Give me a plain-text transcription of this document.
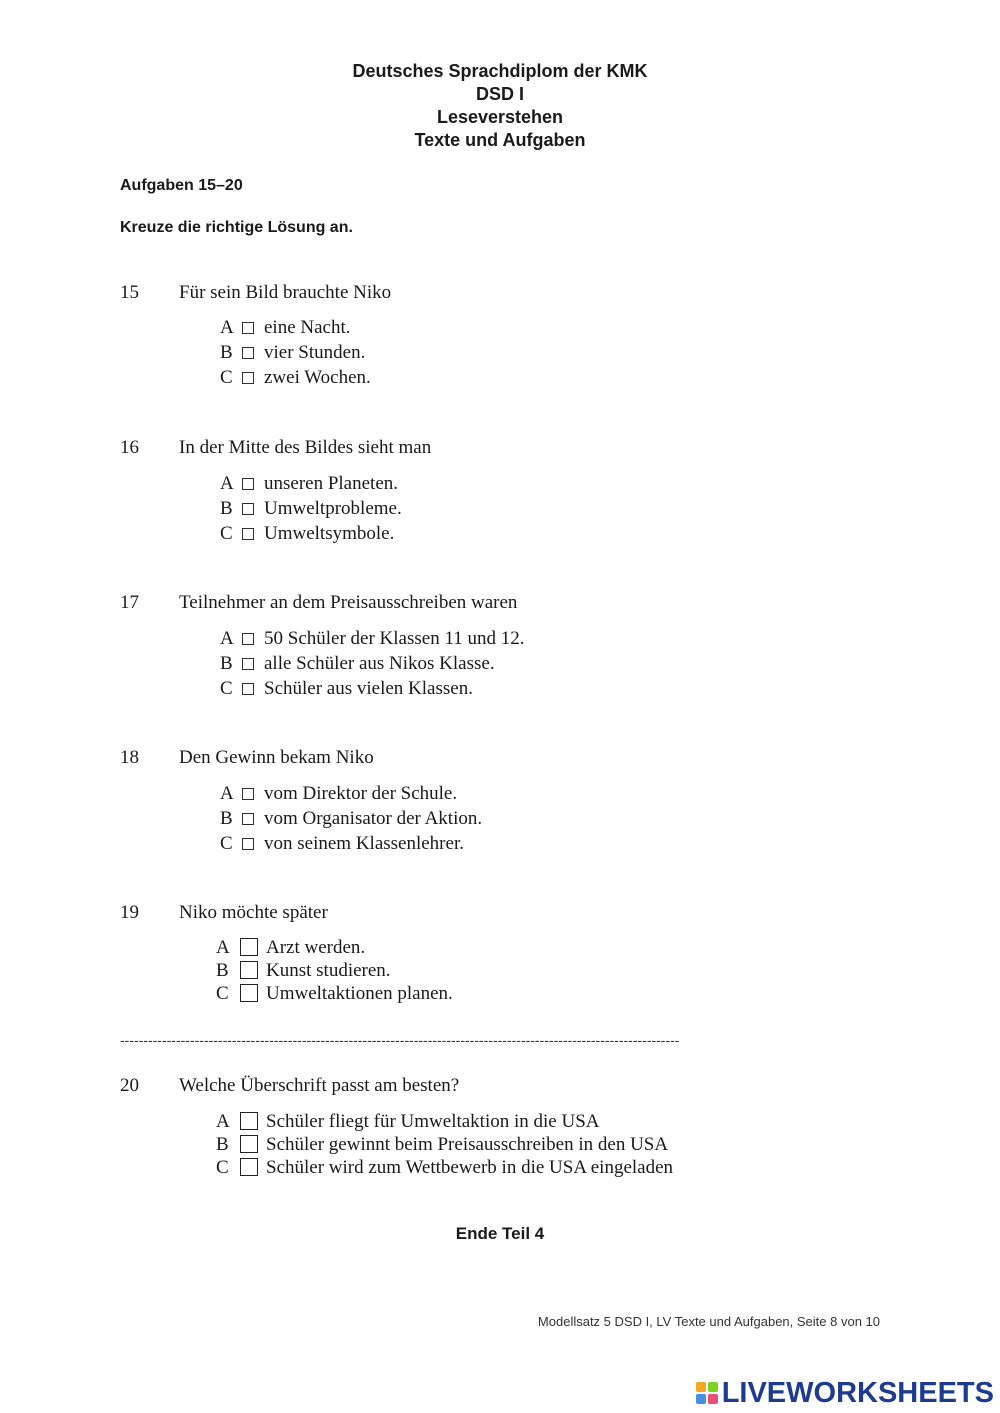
Deutsches Sprachdiplom der KMK
DSD I
Leseverstehen
Texte und Aufgaben
Aufgaben 15–20
Kreuze die richtige Lösung an.
15 Für sein Bild brauchte Niko
A eine Nacht.
B vier Stunden.
C zwei Wochen.
16 In der Mitte des Bildes sieht man
A unseren Planeten.
B Umweltprobleme.
C Umweltsymbole.
17 Teilnehmer an dem Preisausschreiben waren
A 50 Schüler der Klassen 11 und 12.
B alle Schüler aus Nikos Klasse.
C Schüler aus vielen Klassen.
18 Den Gewinn bekam Niko
A vom Direktor der Schule.
B vom Organisator der Aktion.
C von seinem Klassenlehrer.
19 Niko möchte später
A Arzt werden.
B Kunst studieren.
C Umweltaktionen planen.
------------------------------------------------------------------------------------------------------------------------
20 Welche Überschrift passt am besten?
A Schüler fliegt für Umweltaktion in die USA
B Schüler gewinnt beim Preisausschreiben in den USA
C Schüler wird zum Wettbewerb in die USA eingeladen
Ende Teil 4
Modellsatz 5 DSD I, LV Texte und Aufgaben, Seite 8 von 10
LIVEWORKSHEETS
